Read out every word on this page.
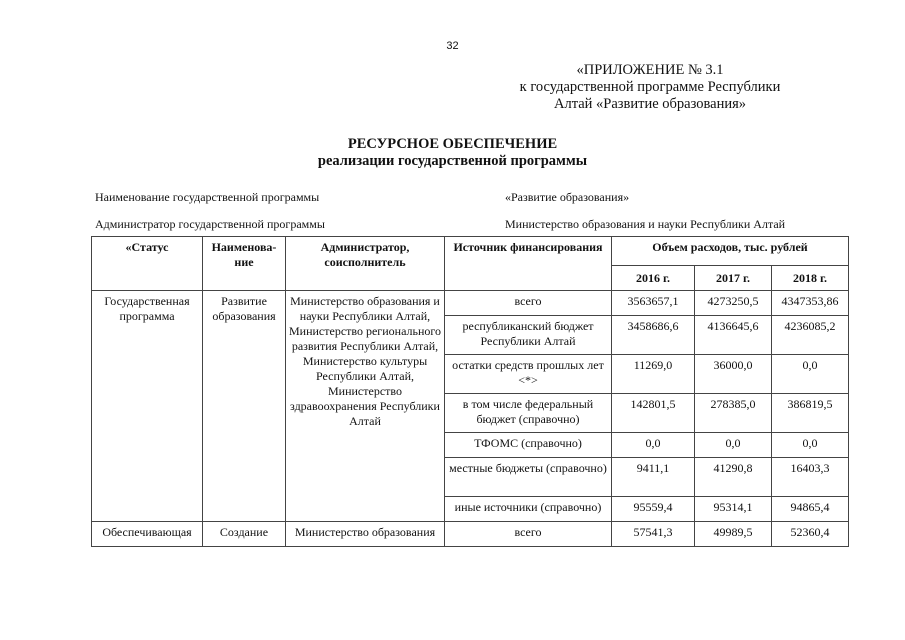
32
«ПРИЛОЖЕНИЕ № 3.1
к государственной программе Республики
Алтай «Развитие образования»
РЕСУРСНОЕ ОБЕСПЕЧЕНИЕ
реализации государственной программы
Наименование государственной программы	«Развитие образования»
Администратор государственной программы	Министерство образования и науки Республики Алтай
«Статус	Наименова-ние	Администратор, соисполнитель	Источник финансирования	Объем расходов, тыс. рублей		
				2016 г.	2017 г.	2018 г.
Государственная программа	Развитие образования	Министерство образования и науки Республики Алтай, Министерство регионального развития Республики Алтай, Министерство культуры Республики Алтай, Министерство здравоохранения Республики Алтай	всего	3563657,1	4273250,5	4347353,86
			республиканский бюджет Республики Алтай	3458686,6	4136645,6	4236085,2
			остатки средств прошлых лет <*>	11269,0	36000,0	0,0
			в том числе федеральный бюджет (справочно)	142801,5	278385,0	386819,5
			ТФОМС (справочно)	0,0	0,0	0,0
			местные бюджеты (справочно)	9411,1	41290,8	16403,3
			иные источники (справочно)	95559,4	95314,1	94865,4
Обеспечивающая	Создание	Министерство образования	всего	57541,3	49989,5	52360,4
